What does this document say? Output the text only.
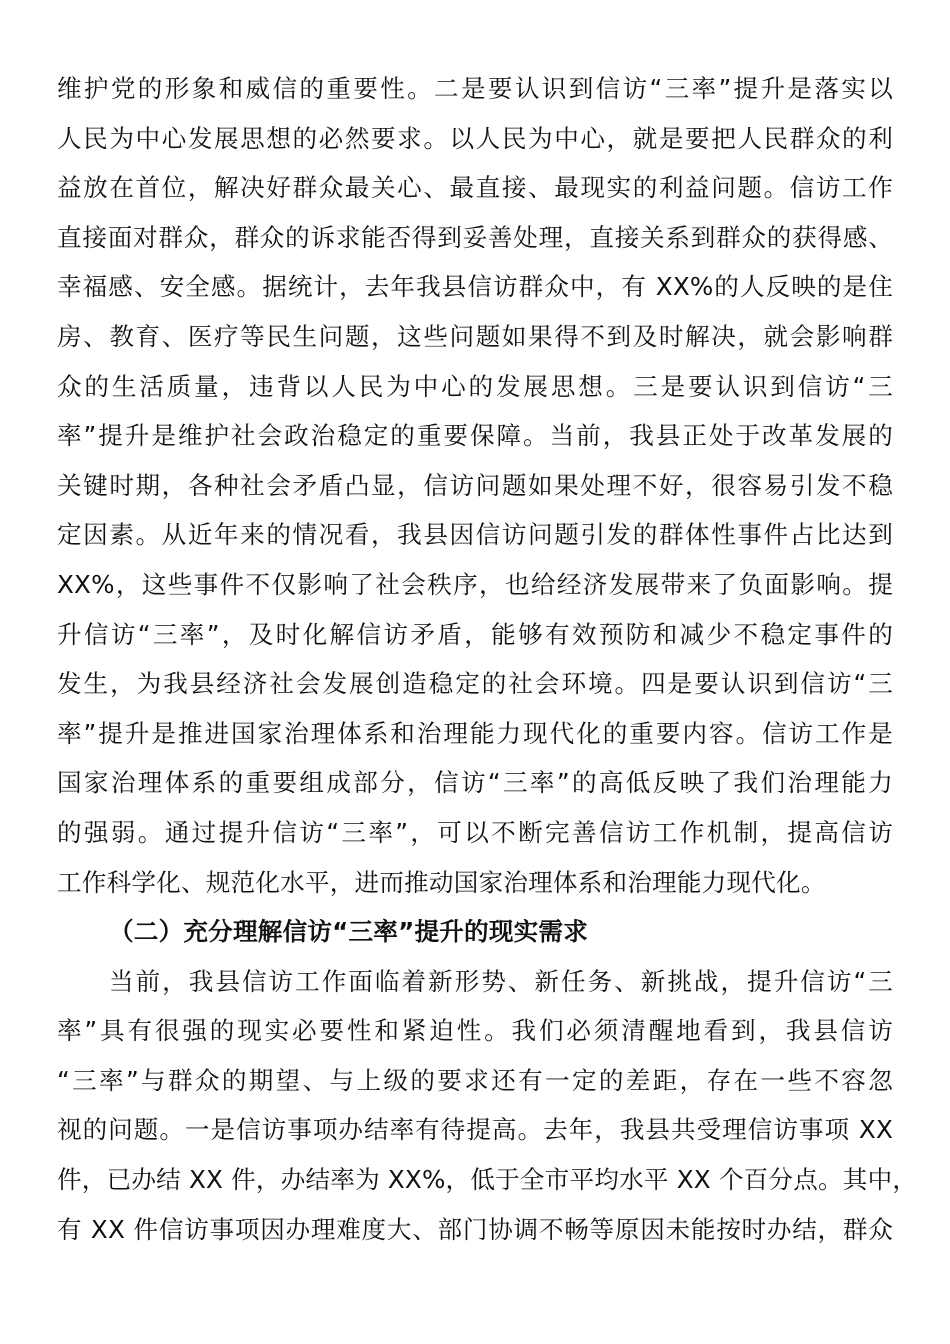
维护党的形象和威信的重要性。二是要认识到信访“三率”提升是落实以
人民为中心发展思想的必然要求。以人民为中心，就是要把人民群众的利
益放在首位，解决好群众最关心、最直接、最现实的利益问题。信访工作
直接面对群众，群众的诉求能否得到妥善处理，直接关系到群众的获得感、
幸福感、安全感。据统计，去年我县信访群众中，有 XX%的人反映的是住
房、教育、医疗等民生问题，这些问题如果得不到及时解决，就会影响群
众的生活质量，违背以人民为中心的发展思想。三是要认识到信访“三
率”提升是维护社会政治稳定的重要保障。当前，我县正处于改革发展的
关键时期，各种社会矛盾凸显，信访问题如果处理不好，很容易引发不稳
定因素。从近年来的情况看，我县因信访问题引发的群体性事件占比达到
XX%，这些事件不仅影响了社会秩序，也给经济发展带来了负面影响。提
升信访“三率”，及时化解信访矛盾，能够有效预防和减少不稳定事件的
发生，为我县经济社会发展创造稳定的社会环境。四是要认识到信访“三
率”提升是推进国家治理体系和治理能力现代化的重要内容。信访工作是
国家治理体系的重要组成部分，信访“三率”的高低反映了我们治理能力
的强弱。通过提升信访“三率”，可以不断完善信访工作机制，提高信访
工作科学化、规范化水平，进而推动国家治理体系和治理能力现代化。
（二）充分理解信访“三率”提升的现实需求
当前，我县信访工作面临着新形势、新任务、新挑战，提升信访“三
率”具有很强的现实必要性和紧迫性。我们必须清醒地看到，我县信访
“三率”与群众的期望、与上级的要求还有一定的差距，存在一些不容忽
视的问题。一是信访事项办结率有待提高。去年，我县共受理信访事项 XX
件，已办结 XX 件，办结率为 XX%，低于全市平均水平 XX 个百分点。其中，
有 XX 件信访事项因办理难度大、部门协调不畅等原因未能按时办结，群众
